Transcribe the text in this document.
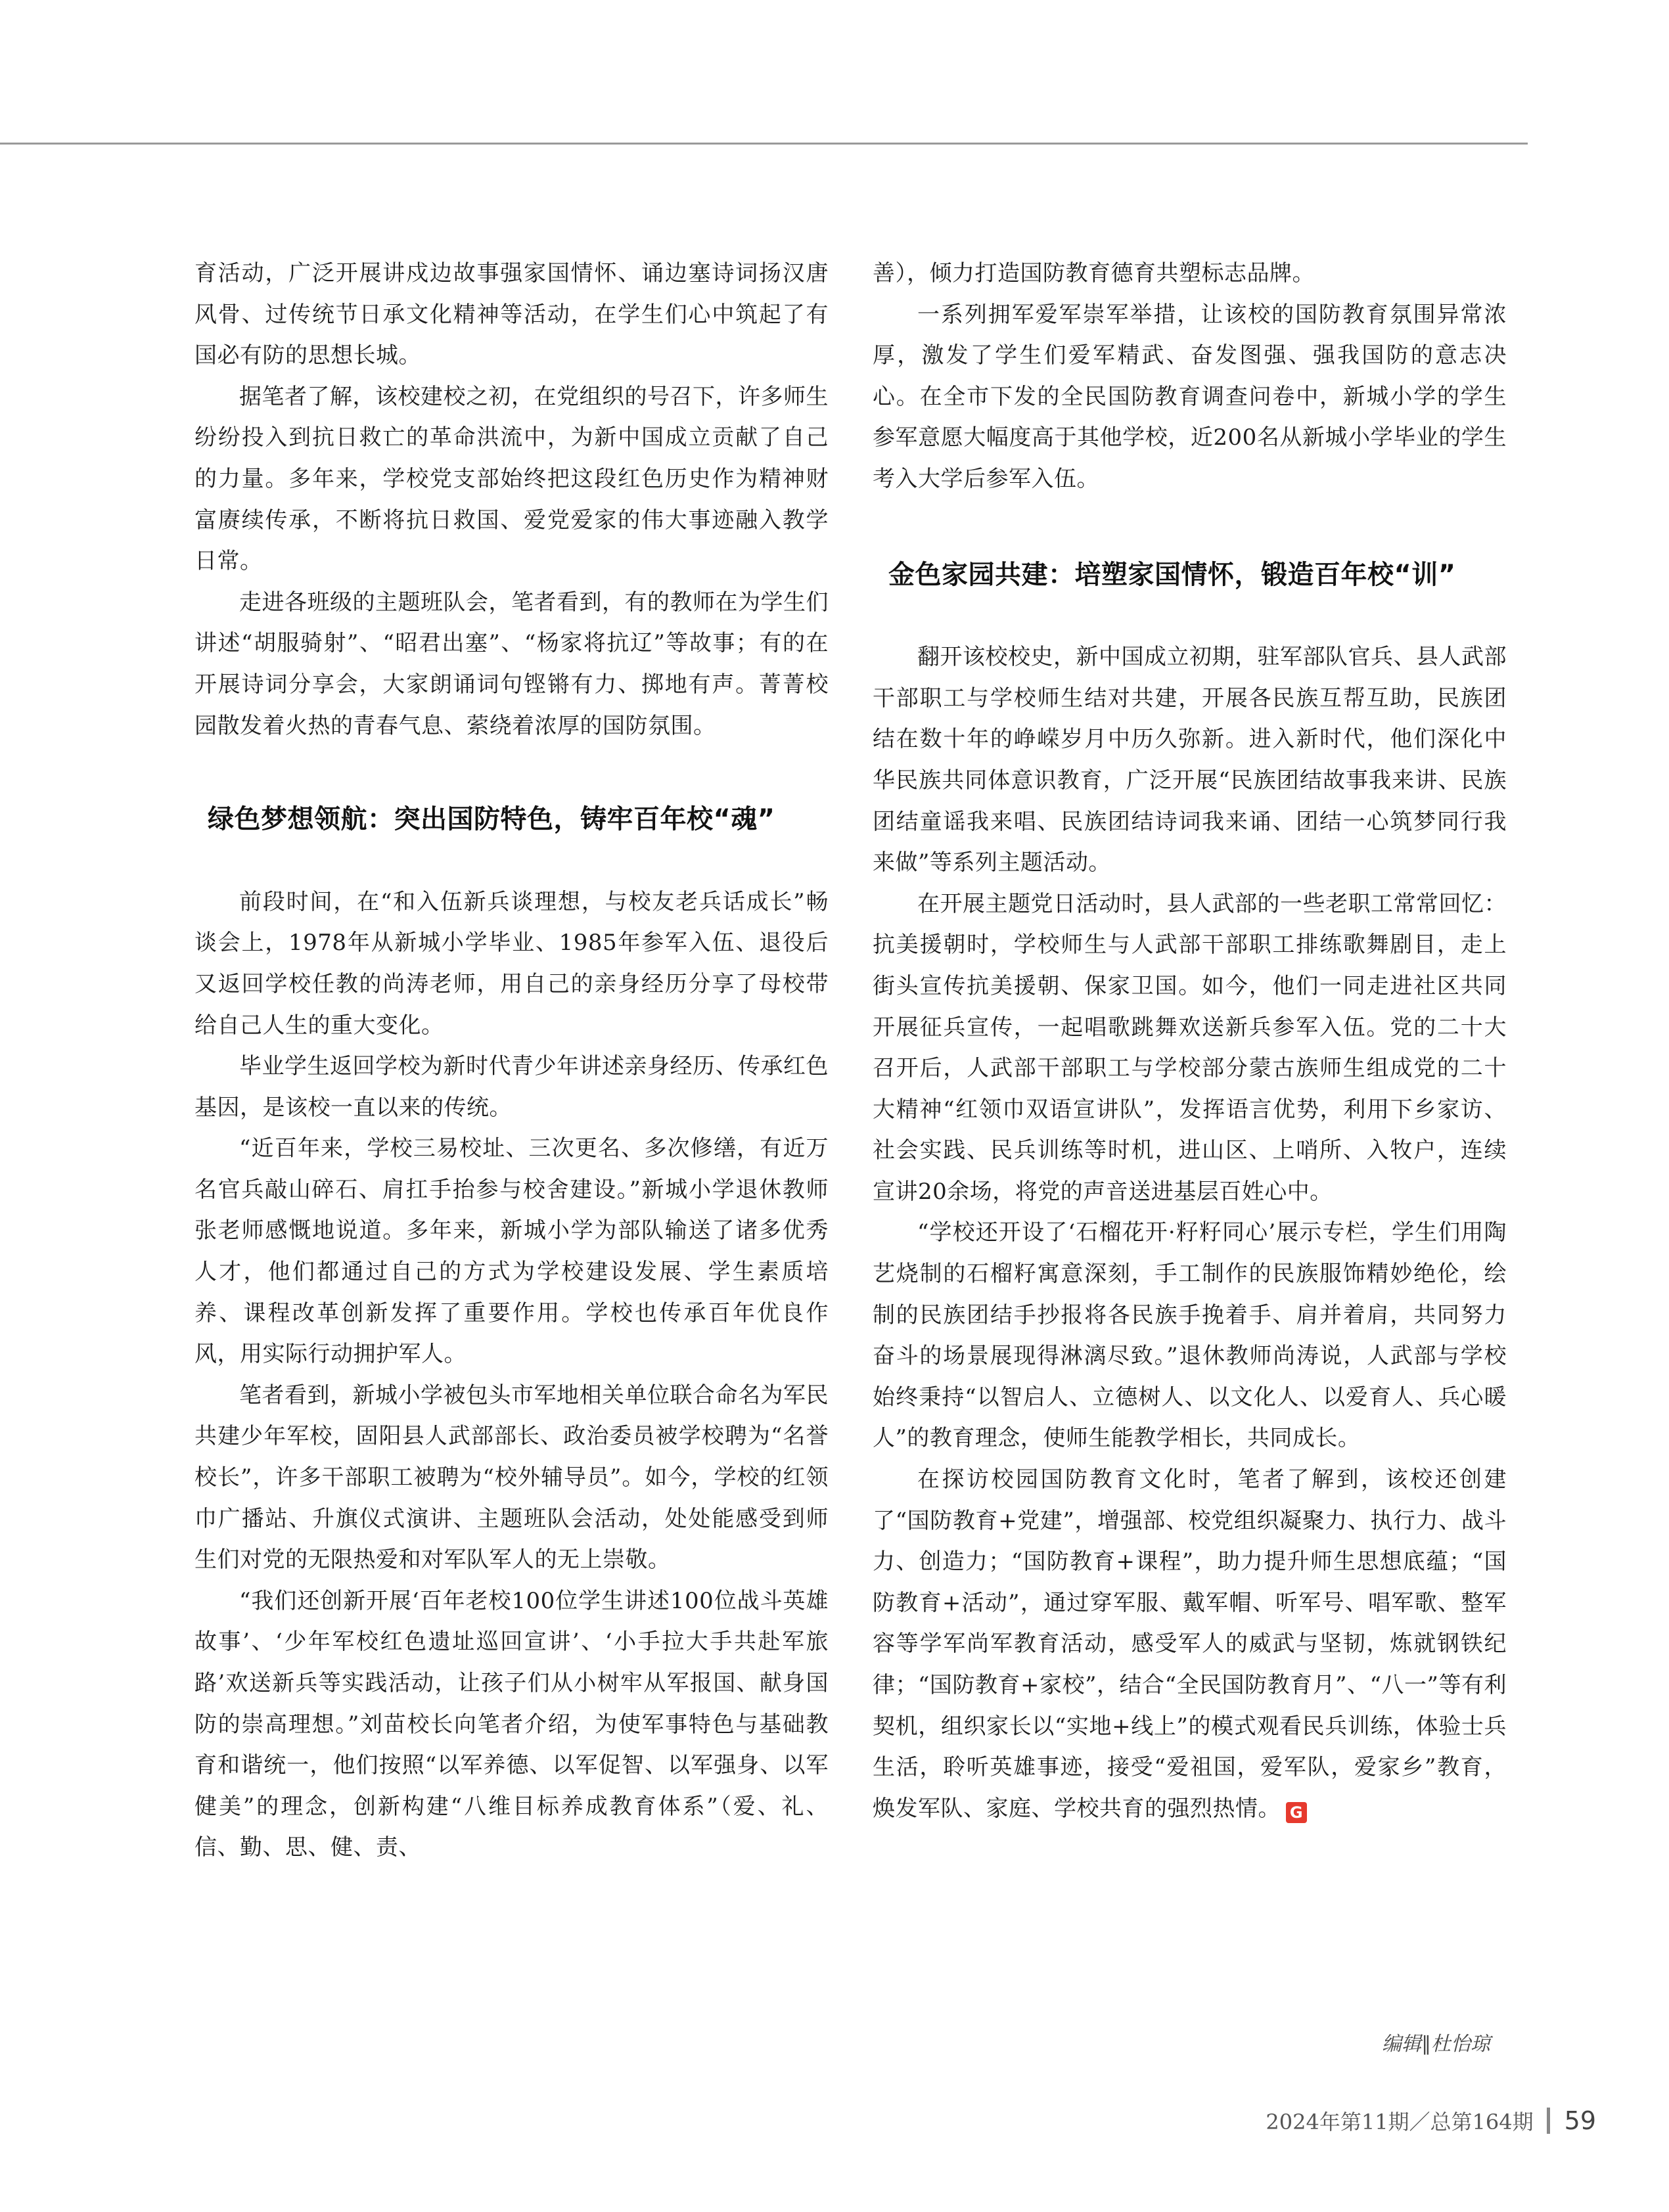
育活动，广泛开展讲戍边故事强家国情怀、诵边塞诗词扬汉唐风骨、过传统节日承文化精神等活动，在学生们心中筑起了有国必有防的思想长城。

据笔者了解，该校建校之初，在党组织的号召下，许多师生纷纷投入到抗日救亡的革命洪流中，为新中国成立贡献了自己的力量。多年来，学校党支部始终把这段红色历史作为精神财富赓续传承，不断将抗日救国、爱党爱家的伟大事迹融入教学日常。

走进各班级的主题班队会，笔者看到，有的教师在为学生们讲述“胡服骑射”、“昭君出塞”、“杨家将抗辽”等故事；有的在开展诗词分享会，大家朗诵词句铿锵有力、掷地有声。菁菁校园散发着火热的青春气息、萦绕着浓厚的国防氛围。

绿色梦想领航：突出国防特色，铸牢百年校“魂”

前段时间，在“和入伍新兵谈理想，与校友老兵话成长”畅谈会上，1978年从新城小学毕业、1985年参军入伍、退役后又返回学校任教的尚涛老师，用自己的亲身经历分享了母校带给自己人生的重大变化。

毕业学生返回学校为新时代青少年讲述亲身经历、传承红色基因，是该校一直以来的传统。

“近百年来，学校三易校址、三次更名、多次修缮，有近万名官兵敲山碎石、肩扛手抬参与校舍建设。”新城小学退休教师张老师感慨地说道。多年来，新城小学为部队输送了诸多优秀人才，他们都通过自己的方式为学校建设发展、学生素质培养、课程改革创新发挥了重要作用。学校也传承百年优良作风，用实际行动拥护军人。

笔者看到，新城小学被包头市军地相关单位联合命名为军民共建少年军校，固阳县人武部部长、政治委员被学校聘为“名誉校长”，许多干部职工被聘为“校外辅导员”。如今，学校的红领巾广播站、升旗仪式演讲、主题班队会活动，处处能感受到师生们对党的无限热爱和对军队军人的无上崇敬。

“我们还创新开展‘百年老校100位学生讲述100位战斗英雄故事’、‘少年军校红色遗址巡回宣讲’、‘小手拉大手共赴军旅路’欢送新兵等实践活动，让孩子们从小树牢从军报国、献身国防的崇高理想。”刘苗校长向笔者介绍，为使军事特色与基础教育和谐统一，他们按照“以军养德、以军促智、以军强身、以军健美”的理念，创新构建“八维目标养成教育体系”（爱、礼、信、勤、思、健、责、

善），倾力打造国防教育德育共塑标志品牌。

一系列拥军爱军崇军举措，让该校的国防教育氛围异常浓厚，激发了学生们爱军精武、奋发图强、强我国防的意志决心。在全市下发的全民国防教育调查问卷中，新城小学的学生参军意愿大幅度高于其他学校，近200名从新城小学毕业的学生考入大学后参军入伍。

金色家园共建：培塑家国情怀，锻造百年校“训”

翻开该校校史，新中国成立初期，驻军部队官兵、县人武部干部职工与学校师生结对共建，开展各民族互帮互助，民族团结在数十年的峥嵘岁月中历久弥新。进入新时代，他们深化中华民族共同体意识教育，广泛开展“民族团结故事我来讲、民族团结童谣我来唱、民族团结诗词我来诵、团结一心筑梦同行我来做”等系列主题活动。

在开展主题党日活动时，县人武部的一些老职工常常回忆：抗美援朝时，学校师生与人武部干部职工排练歌舞剧目，走上街头宣传抗美援朝、保家卫国。如今，他们一同走进社区共同开展征兵宣传，一起唱歌跳舞欢送新兵参军入伍。党的二十大召开后，人武部干部职工与学校部分蒙古族师生组成党的二十大精神“红领巾双语宣讲队”，发挥语言优势，利用下乡家访、社会实践、民兵训练等时机，进山区、上哨所、入牧户，连续宣讲20余场，将党的声音送进基层百姓心中。

“学校还开设了‘石榴花开·籽籽同心’展示专栏，学生们用陶艺烧制的石榴籽寓意深刻，手工制作的民族服饰精妙绝伦，绘制的民族团结手抄报将各民族手挽着手、肩并着肩，共同努力奋斗的场景展现得淋漓尽致。”退休教师尚涛说，人武部与学校始终秉持“以智启人、立德树人、以文化人、以爱育人、兵心暖人”的教育理念，使师生能教学相长，共同成长。

在探访校园国防教育文化时，笔者了解到，该校还创建了“国防教育+党建”，增强部、校党组织凝聚力、执行力、战斗力、创造力；“国防教育+课程”，助力提升师生思想底蕴；“国防教育+活动”，通过穿军服、戴军帽、听军号、唱军歌、整军容等学军尚军教育活动，感受军人的威武与坚韧，炼就钢铁纪律；“国防教育+家校”，结合“全民国防教育月”、“八一”等有利契机，组织家长以“实地+线上”的模式观看民兵训练，体验士兵生活，聆听英雄事迹，接受“爱祖国，爱军队，爱家乡”教育，焕发军队、家庭、学校共育的强烈热情。 G

编辑∥杜怡琼
2024年第11期／总第164期 59
